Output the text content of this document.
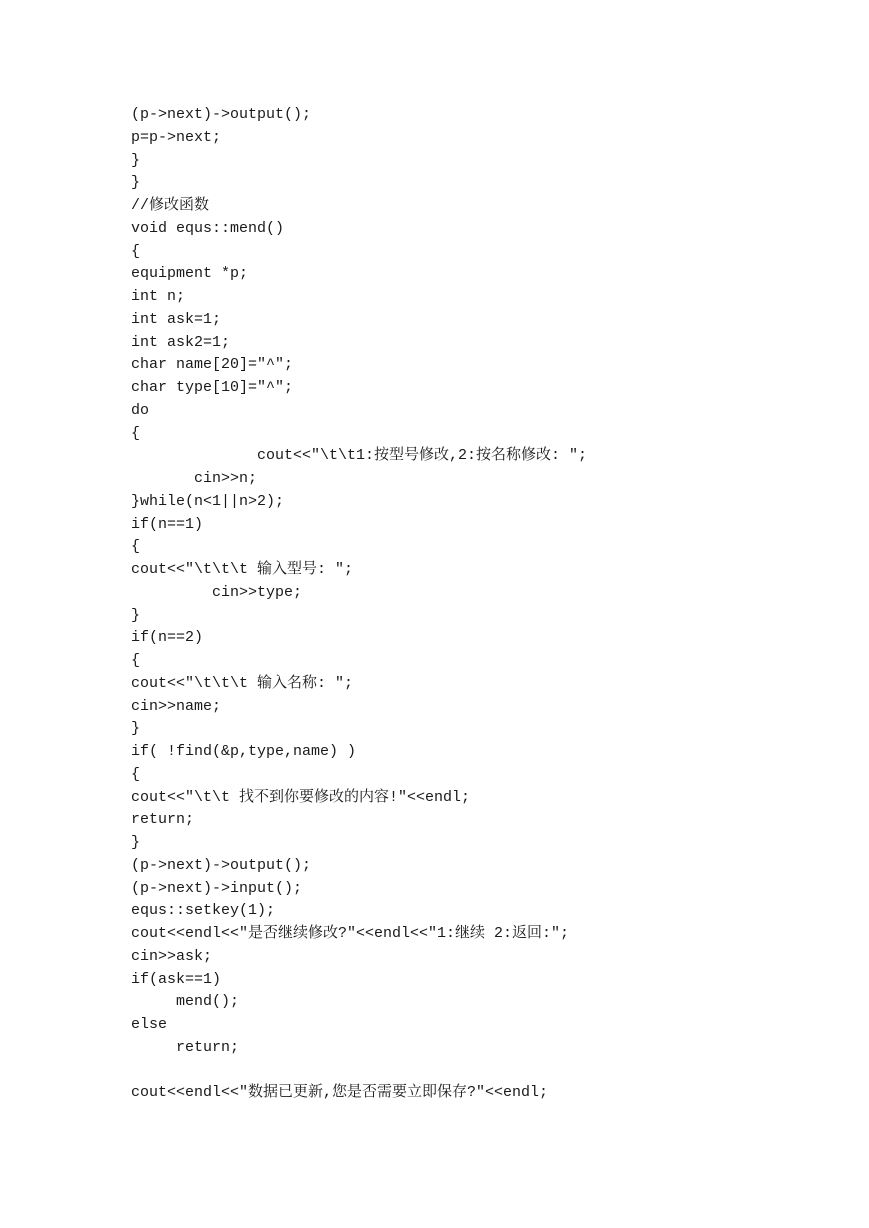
(p->next)->output();
p=p->next;
}
}
//修改函数
void equs::mend()
{
equipment *p;
int n;
int ask=1;
int ask2=1;
char name[20]="^";
char type[10]="^";
do
{
cout<<"\t\t1:按型号修改,2:按名称修改: ";
cin>>n;
}while(n<1||n>2);
if(n==1)
{
cout<<"\t\t\t 输入型号: ";
cin>>type;
}
if(n==2)
{
cout<<"\t\t\t 输入名称: ";
cin>>name;
}
if( !find(&p,type,name) )
{
cout<<"\t\t 找不到你要修改的内容!"<<endl;
return;
}
(p->next)->output();
(p->next)->input();
equs::setkey(1);
cout<<endl<<"是否继续修改?"<<endl<<"1:继续 2:返回:";
cin>>ask;
if(ask==1)
mend();
else
return;
cout<<endl<<"数据已更新,您是否需要立即保存?"<<endl;
